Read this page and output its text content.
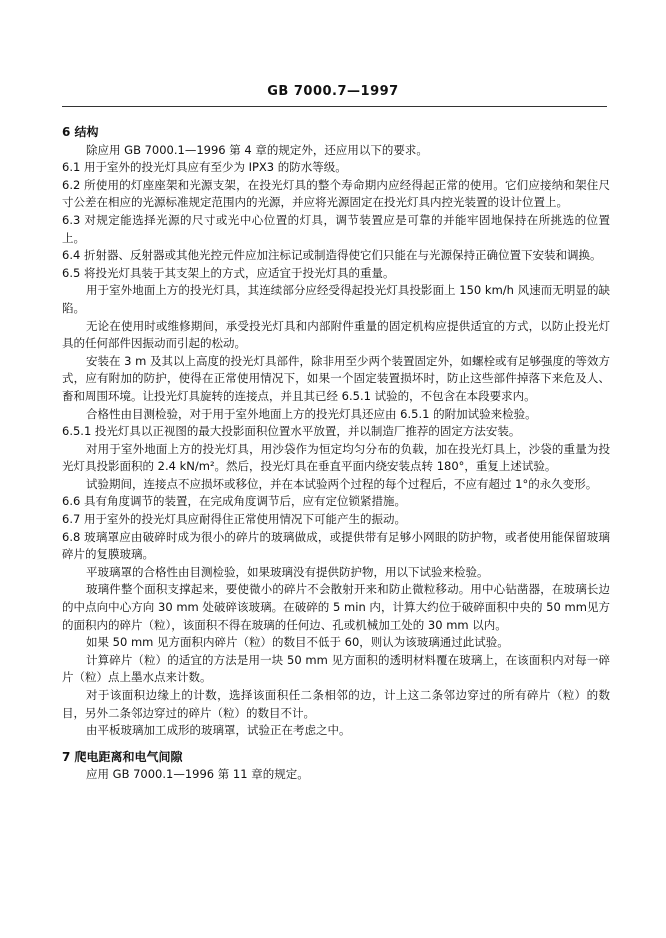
GB 7000.7—1997

6 结构

除应用 GB 7000.1—1996 第 4 章的规定外，还应用以下的要求。

6.1 用于室外的投光灯具应有至少为 IPX3 的防水等级。

6.2 所使用的灯座座架和光源支架，在投光灯具的整个寿命期内应经得起正常的使用。它们应接纳和架住尺寸公差在相应的光源标准规定范围内的光源，并应将光源固定在投光灯具内控光装置的设计位置上。

6.3 对规定能选择光源的尺寸或光中心位置的灯具，调节装置应是可靠的并能牢固地保持在所挑选的位置上。

6.4 折射器、反射器或其他光控元件应加注标记或制造得使它们只能在与光源保持正确位置下安装和调换。

6.5 将投光灯具装于其支架上的方式，应适宜于投光灯具的重量。

用于室外地面上方的投光灯具，其连续部分应经受得起投光灯具投影面上 150 km/h 风速而无明显的缺陷。

无论在使用时或维修期间，承受投光灯具和内部附件重量的固定机构应提供适宜的方式，以防止投光灯具的任何部件因振动而引起的松动。

安装在 3 m 及其以上高度的投光灯具部件，除非用至少两个装置固定外，如螺栓或有足够强度的等效方式，应有附加的防护，使得在正常使用情况下，如果一个固定装置损坏时，防止这些部件掉落下来危及人、畜和周围环境。让投光灯具旋转的连接点，并且其已经 6.5.1 试验的，不包含在本段要求内。

合格性由目测检验，对于用于室外地面上方的投光灯具还应由 6.5.1 的附加试验来检验。

6.5.1 投光灯具以正视图的最大投影面积位置水平放置，并以制造厂推荐的固定方法安装。

对用于室外地面上方的投光灯具，用沙袋作为恒定均匀分布的负载，加在投光灯具上，沙袋的重量为投光灯具投影面积的 2.4 kN/m²。然后，投光灯具在垂直平面内绕安装点转 180°，重复上述试验。

试验期间，连接点不应损坏或移位，并在本试验两个过程的每个过程后，不应有超过 1°的永久变形。

6.6 具有角度调节的装置，在完成角度调节后，应有定位锁紧措施。

6.7 用于室外的投光灯具应耐得住正常使用情况下可能产生的振动。

6.8 玻璃罩应由破碎时成为很小的碎片的玻璃做成，或提供带有足够小网眼的防护物，或者使用能保留玻璃碎片的复膜玻璃。

平玻璃罩的合格性由目测检验，如果玻璃没有提供防护物，用以下试验来检验。

玻璃件整个面积支撑起来，要使微小的碎片不会散射开来和防止微粒移动。用中心钻凿器，在玻璃长边的中点向中心方向 30 mm 处破碎该玻璃。在破碎的 5 min 内，计算大约位于破碎面积中央的 50 mm见方的面积内的碎片（粒），该面积不得在玻璃的任何边、孔或机械加工处的 30 mm 以内。

如果 50 mm 见方面积内碎片（粒）的数目不低于 60，则认为该玻璃通过此试验。

计算碎片（粒）的适宜的方法是用一块 50 mm 见方面积的透明材料覆在玻璃上，在该面积内对每一碎片（粒）点上墨水点来计数。

对于该面积边缘上的计数，选择该面积任二条相邻的边，计上这二条邻边穿过的所有碎片（粒）的数目，另外二条邻边穿过的碎片（粒）的数目不计。

由平板玻璃加工成形的玻璃罩，试验正在考虑之中。

7 爬电距离和电气间隙

应用 GB 7000.1—1996 第 11 章的规定。
